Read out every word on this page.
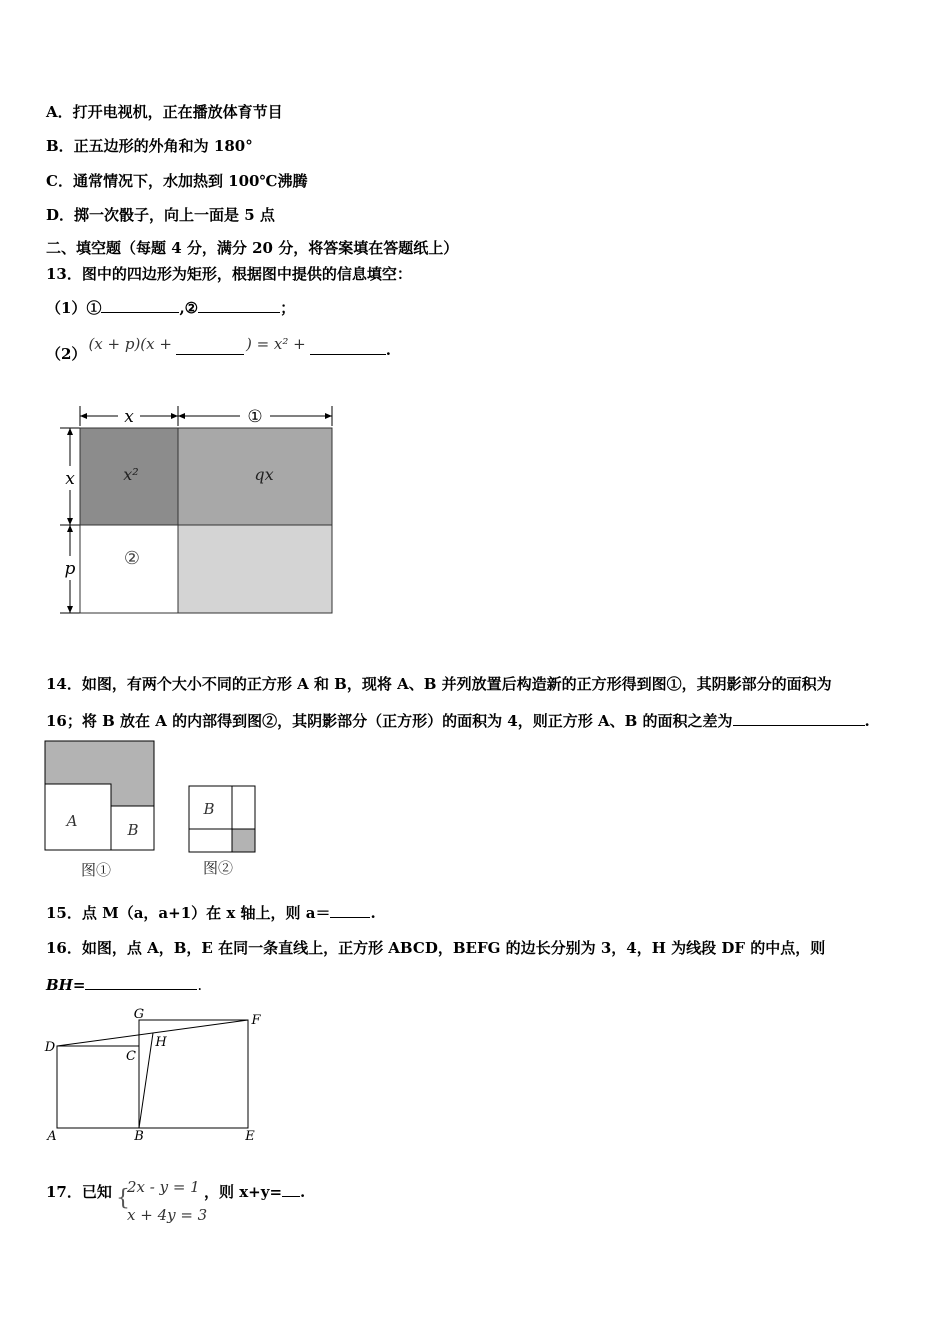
A．打开电视机，正在播放体育节目
B．正五边形的外角和为 180°
C．通常情况下，水加热到 100℃沸腾
D．掷一次骰子，向上一面是 5 点
二、填空题（每题 4 分，满分 20 分，将答案填在答题纸上）
13．图中的四边形为矩形，根据图中提供的信息填空：
（1）①	,②	；
（2）(x + p)(x +	) = x² +	.
x	①
x
p
x²	qx
②
14．如图，有两个大小不同的正方形 A 和 B，现将 A、B 并列放置后构造新的正方形得到图①，其阴影部分的面积为
16；将 B 放在 A 的内部得到图②，其阴影部分（正方形）的面积为 4，则正方形 A、B 的面积之差为	.
A	B
图①
B
图②
15．点 M（a，a+1）在 x 轴上，则 a＝	.
16．如图，点 A，B，E 在同一条直线上，正方形 ABCD，BEFG 的边长分别为 3，4，H 为线段 DF 的中点，则
BH=	.
G	F
D	H
C
A	B	E
17．已知 {
2x - y = 1
x + 4y = 3
，则 x+y= .
